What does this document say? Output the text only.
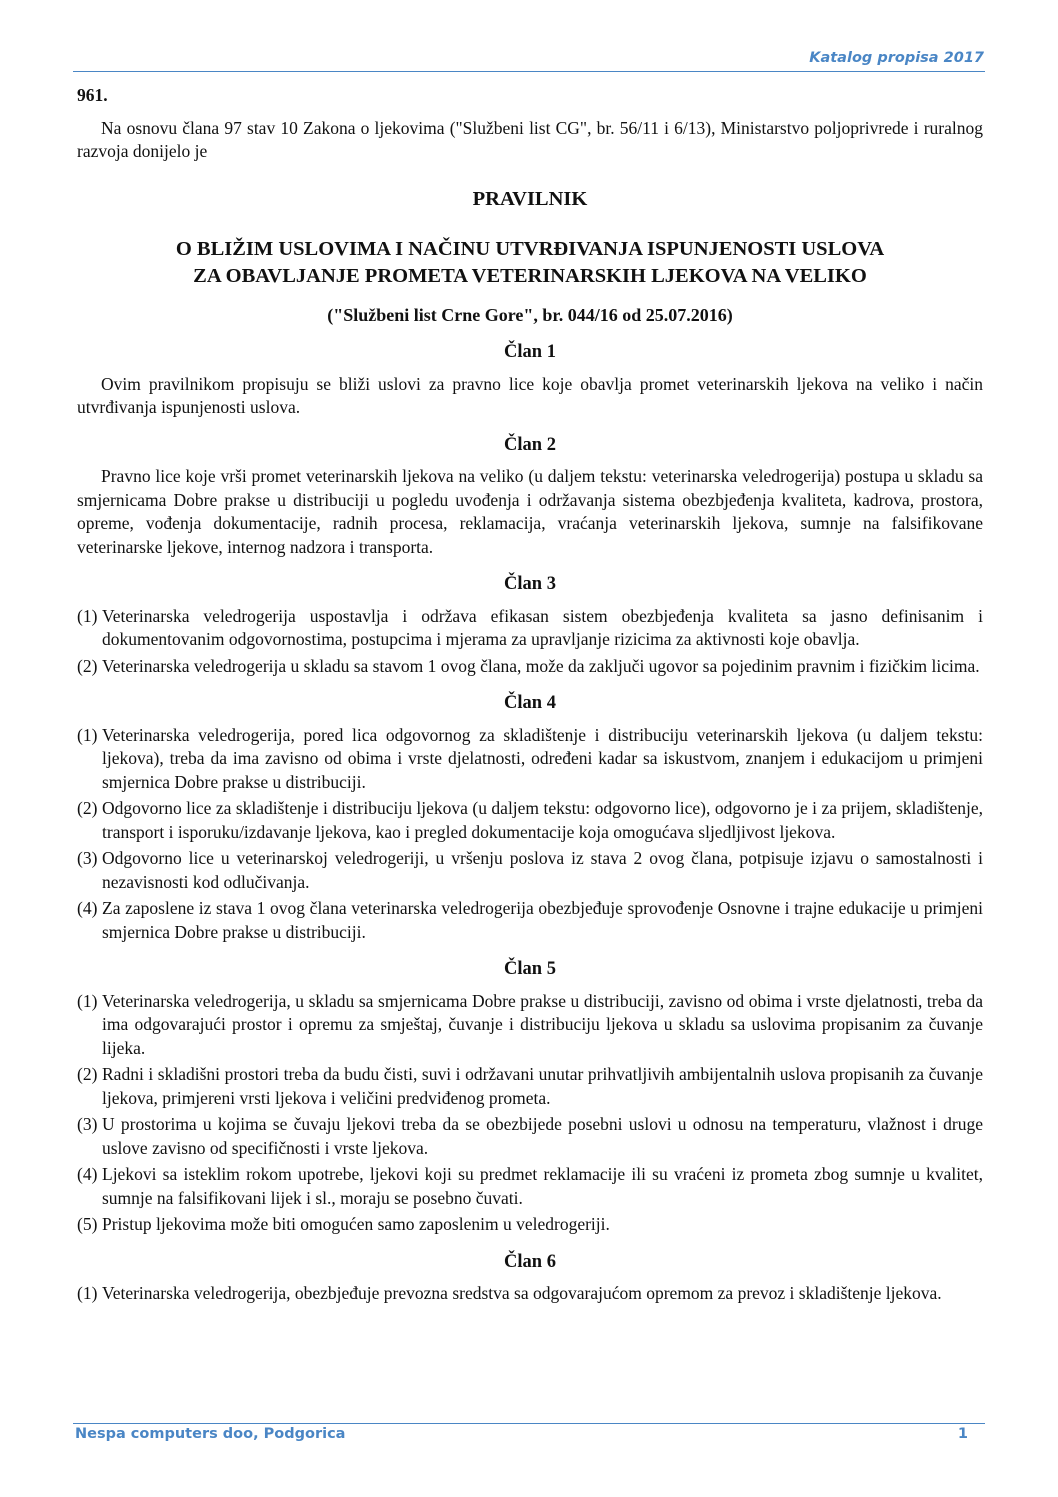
Katalog propisa 2017
961.

Na osnovu člana 97 stav 10 Zakona o ljekovima ("Službeni list CG", br. 56/11 i 6/13), Ministarstvo poljoprivrede i ruralnog razvoja donijelo je

PRAVILNIK
O BLIŽIM USLOVIMA I NAČINU UTVRĐIVANJA ISPUNJENOSTI USLOVA
ZA OBAVLJANJE PROMETA VETERINARSKIH LJEKOVA NA VELIKO
("Službeni list Crne Gore", br. 044/16 od 25.07.2016)
Član 1

Ovim pravilnikom propisuju se bliži uslovi za pravno lice koje obavlja promet veterinarskih ljekova na veliko i način utvrđivanja ispunjenosti uslova.

Član 2

Pravno lice koje vrši promet veterinarskih ljekova na veliko (u daljem tekstu: veterinarska veledrogerija) postupa u skladu sa smjernicama Dobre prakse u distribuciji u pogledu uvođenja i održavanja sistema obezbjeđenja kvaliteta, kadrova, prostora, opreme, vođenja dokumentacije, radnih procesa, reklamacija, vraćanja veterinarskih ljekova, sumnje na falsifikovane veterinarske ljekove, internog nadzora i transporta.

Član 3
(1) Veterinarska veledrogerija uspostavlja i održava efikasan sistem obezbjeđenja kvaliteta sa jasno definisanim i dokumentovanim odgovornostima, postupcima i mjerama za upravljanje rizicima za aktivnosti koje obavlja.
(2) Veterinarska veledrogerija u skladu sa stavom 1 ovog člana, može da zaključi ugovor sa pojedinim pravnim i fizičkim licima.
Član 4
(1) Veterinarska veledrogerija, pored lica odgovornog za skladištenje i distribuciju veterinarskih ljekova (u daljem tekstu: ljekova), treba da ima zavisno od obima i vrste djelatnosti, određeni kadar sa iskustvom, znanjem i edukacijom u primjeni smjernica Dobre prakse u distribuciji.
(2) Odgovorno lice za skladištenje i distribuciju ljekova (u daljem tekstu: odgovorno lice), odgovorno je i za prijem, skladištenje, transport i isporuku/izdavanje ljekova, kao i pregled dokumentacije koja omogućava sljedljivost ljekova.
(3) Odgovorno lice u veterinarskoj veledrogeriji, u vršenju poslova iz stava 2 ovog člana, potpisuje izjavu o samostalnosti i nezavisnosti kod odlučivanja.
(4) Za zaposlene iz stava 1 ovog člana veterinarska veledrogerija obezbjeđuje sprovođenje Osnovne i trajne edukacije u primjeni smjernica Dobre prakse u distribuciji.
Član 5
(1) Veterinarska veledrogerija, u skladu sa smjernicama Dobre prakse u distribuciji, zavisno od obima i vrste djelatnosti, treba da ima odgovarajući prostor i opremu za smještaj, čuvanje i distribuciju ljekova u skladu sa uslovima propisanim za čuvanje lijeka.
(2) Radni i skladišni prostori treba da budu čisti, suvi i održavani unutar prihvatljivih ambijentalnih uslova propisanih za čuvanje ljekova, primjereni vrsti ljekova i veličini predviđenog prometa.
(3) U prostorima u kojima se čuvaju ljekovi treba da se obezbijede posebni uslovi u odnosu na temperaturu, vlažnost i druge uslove zavisno od specifičnosti i vrste ljekova.
(4) Ljekovi sa isteklim rokom upotrebe, ljekovi koji su predmet reklamacije ili su vraćeni iz prometa zbog sumnje u kvalitet, sumnje na falsifikovani lijek i sl., moraju se posebno čuvati.
(5) Pristup ljekovima može biti omogućen samo zaposlenim u veledrogeriji.
Član 6
(1) Veterinarska veledrogerija, obezbjeđuje prevozna sredstva sa odgovarajućom opremom za prevoz i skladištenje ljekova.
Nespa computers doo, Podgorica	1
